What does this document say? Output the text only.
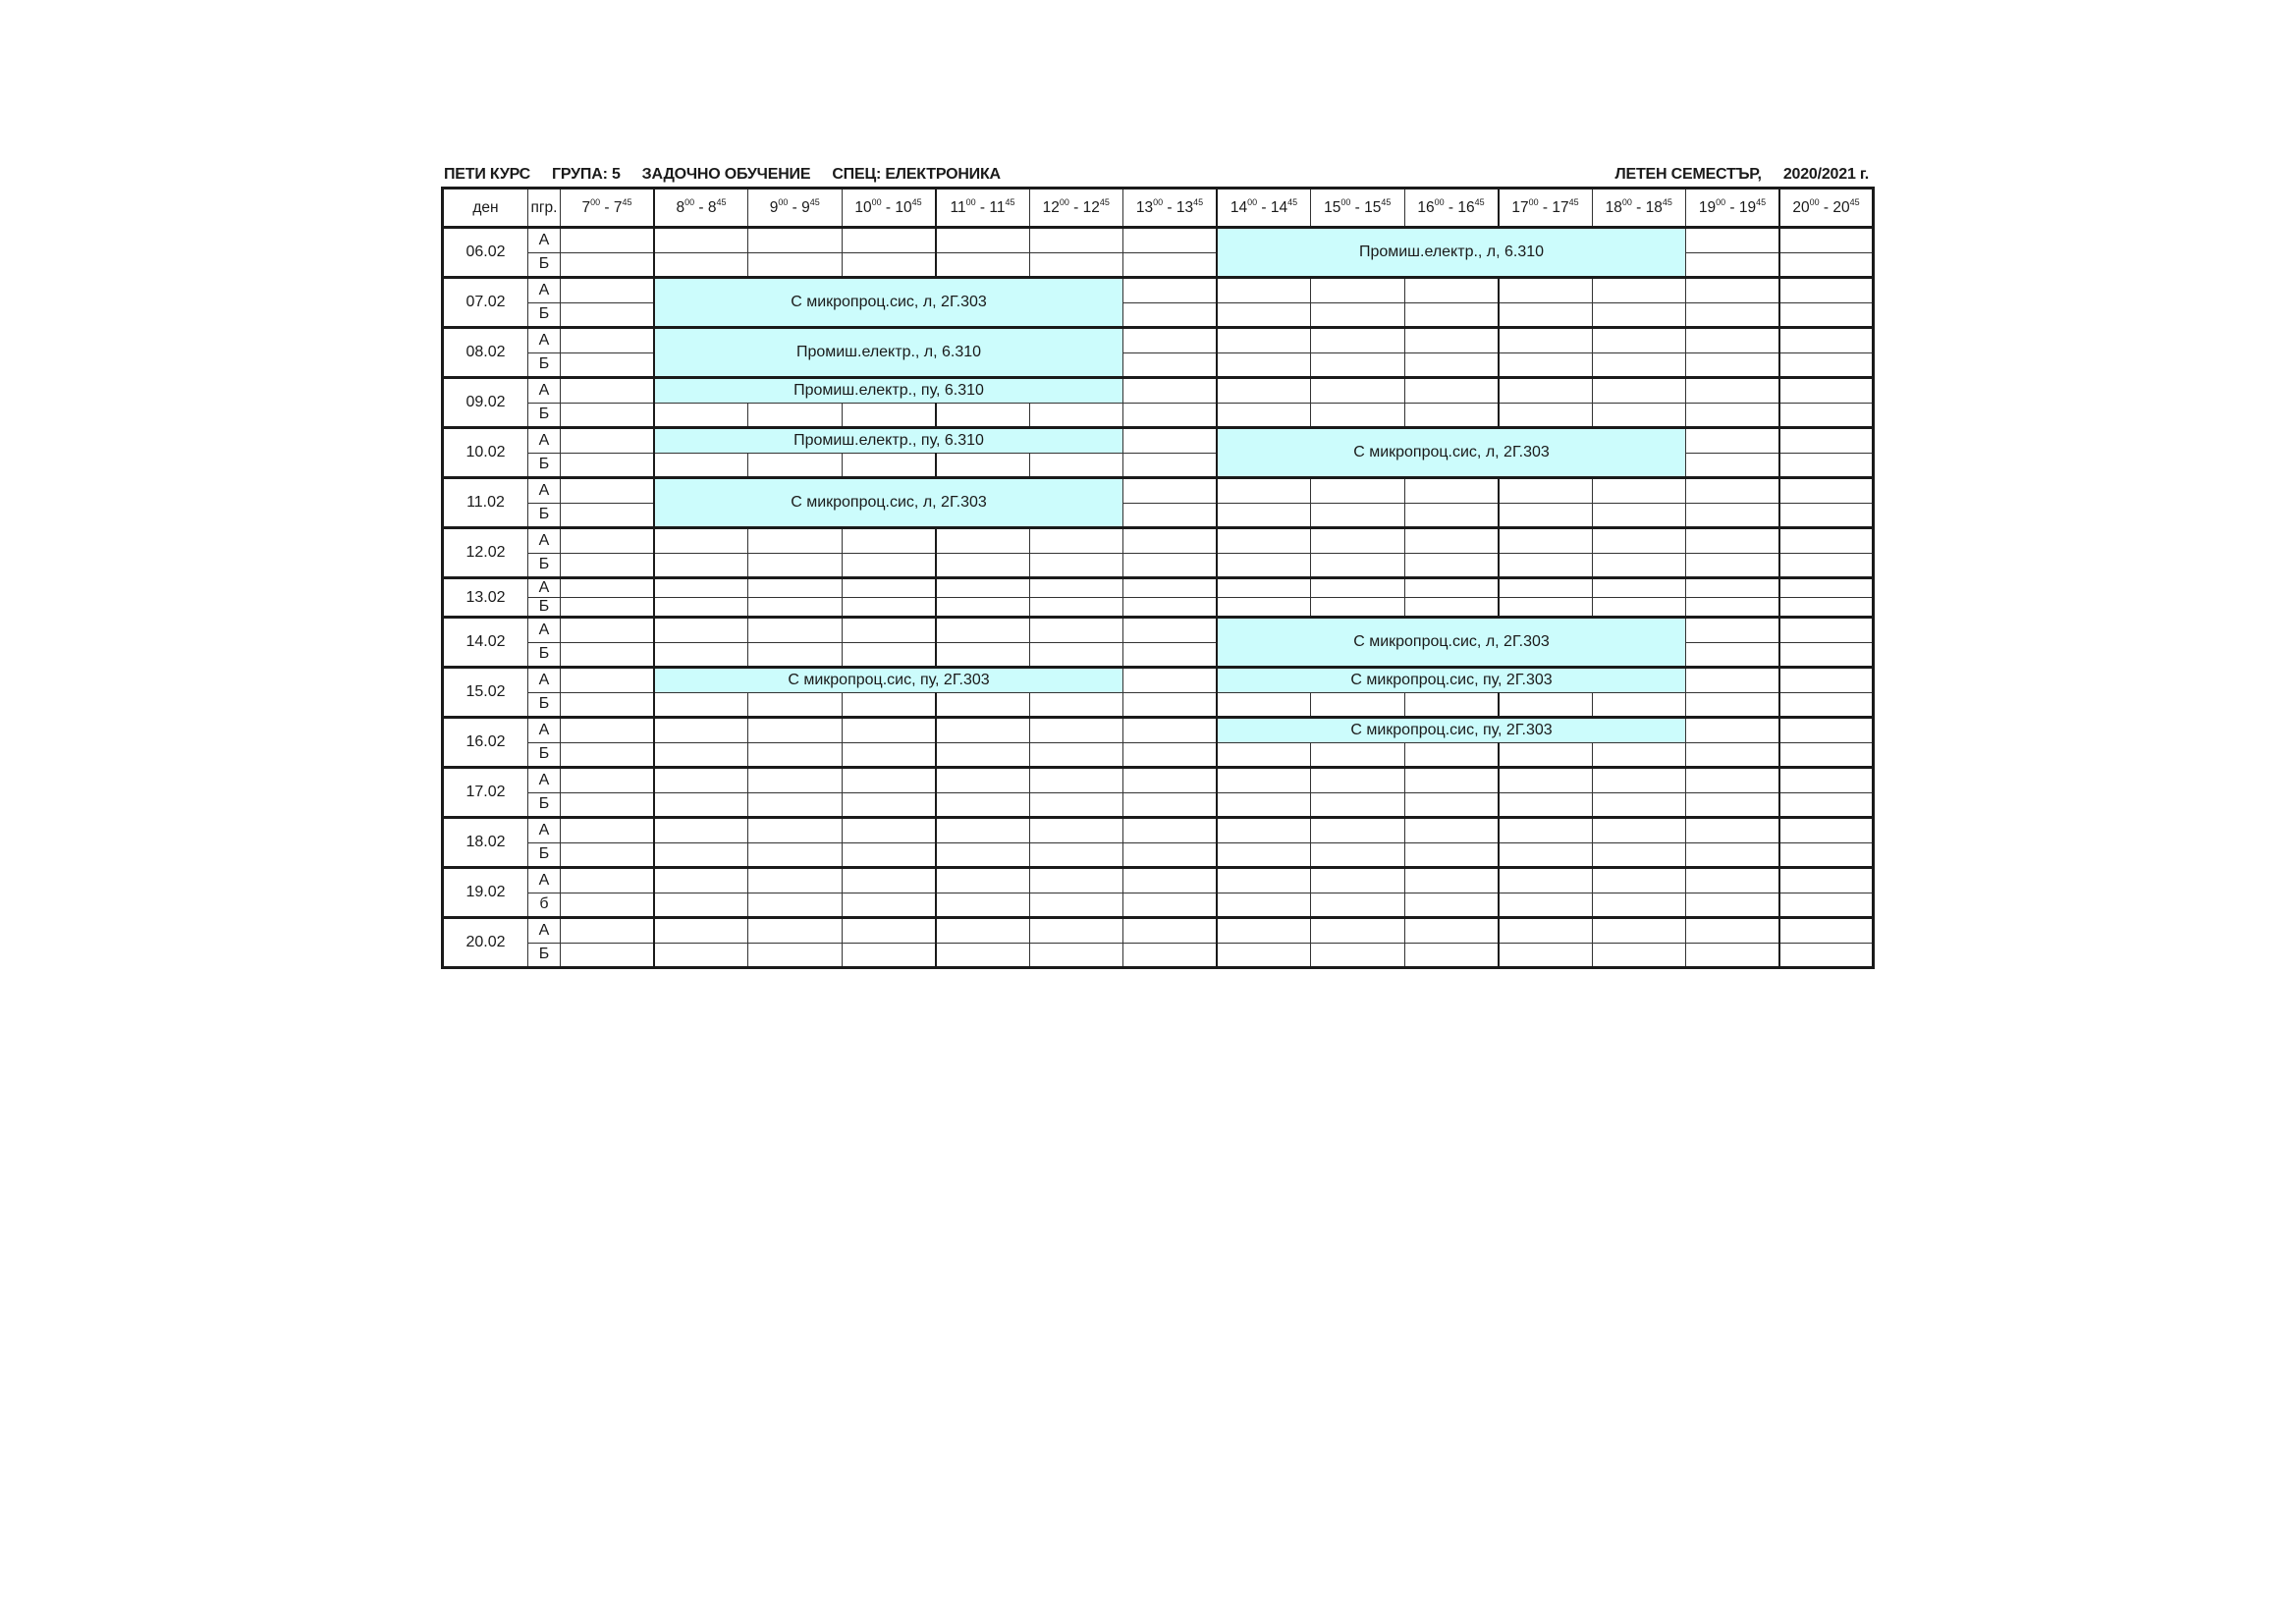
ПЕТИ КУРС ГРУПА: 5 ЗАДОЧНО ОБУЧЕНИЕ СПЕЦ: ЕЛЕКТРОНИКА	ЛЕТЕН СЕМЕСТЪР, 2020/2021 г.
ден	пгр.	$7^{00} - 7^{45}$	$8^{00} - 8^{45}$	$9^{00} - 9^{45}$	$10^{00} - 10^{45}$	$11^{00} - 11^{45}$	$12^{00} - 12^{45}$	$13^{00} - 13^{45}$	$14^{00} - 14^{45}$	$15^{00} - 15^{45}$	$16^{00} - 16^{45}$	$17^{00} - 17^{45}$	$18^{00} - 18^{45}$	$19^{00} - 19^{45}$	$20^{00} - 20^{45}$
06.02	А								Промиш.електр., л, 6.310						
	Б														
07.02	А		С микропроц.сис, л, 2Г.303												
	Б														
08.02	А		Промиш.електр., л, 6.310												
	Б														
09.02	А		Промиш.електр., пу, 6.310												
	Б														
10.02	А		Промиш.електр., пу, 6.310						С микропроц.сис, л, 2Г.303						
	Б														
11.02	А		С микропроц.сис, л, 2Г.303												
	Б														
12.02	А														
	Б														
13.02	А														
	Б														
14.02	А								С микропроц.сис, л, 2Г.303						
	Б														
15.02	А		С микропроц.сис, пу, 2Г.303						С микропроц.сис, пу, 2Г.303						
	Б														
16.02	А								С микропроц.сис, пу, 2Г.303						
	Б														
17.02	А														
	Б														
18.02	А														
	Б														
19.02	А														
	б														
20.02	А														
	Б														
